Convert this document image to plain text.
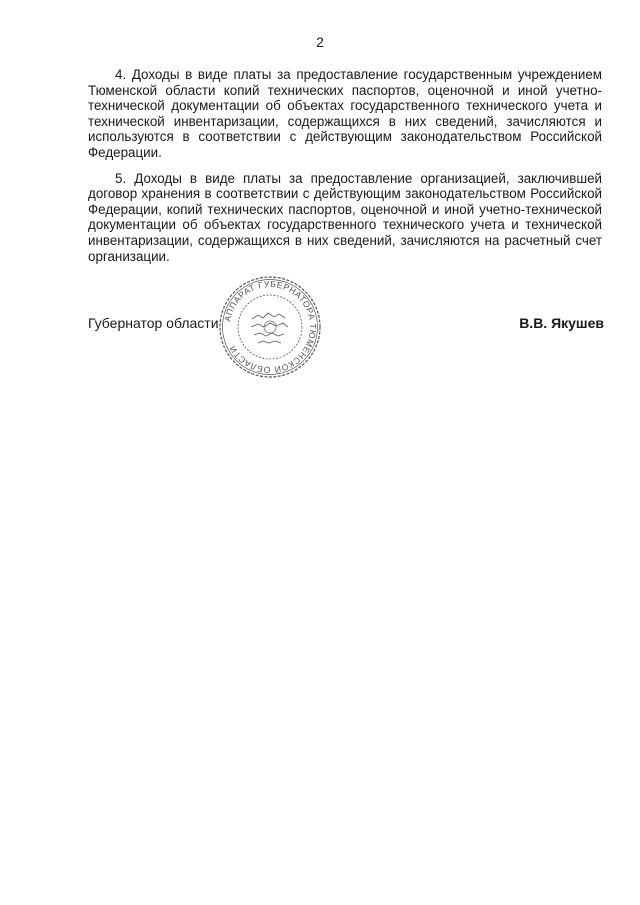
2

4. Доходы в виде платы за предоставление государственным учреждением Тюменской области копий технических паспортов, оценочной и иной учетно-технической документации об объектах государственного технического учета и технической инвентаризации, содержащихся в них сведений, зачисляются и используются в соответствии с действующим законодательством Российской Федерации.

5. Доходы в виде платы за предоставление организацией, заключившей договор хранения в соответствии с действующим законодательством Российской Федерации, копий технических паспортов, оценочной и иной учетно-технической документации об объектах государственного технического учета и технической инвентаризации, содержащихся в них сведений, зачисляются на расчетный счет организации.

Губернатор области	В.В. Якушев
АППАРАТ ГУБЕРНАТОРА ТЮМЕНСКОЙ ОБЛАСТИ
